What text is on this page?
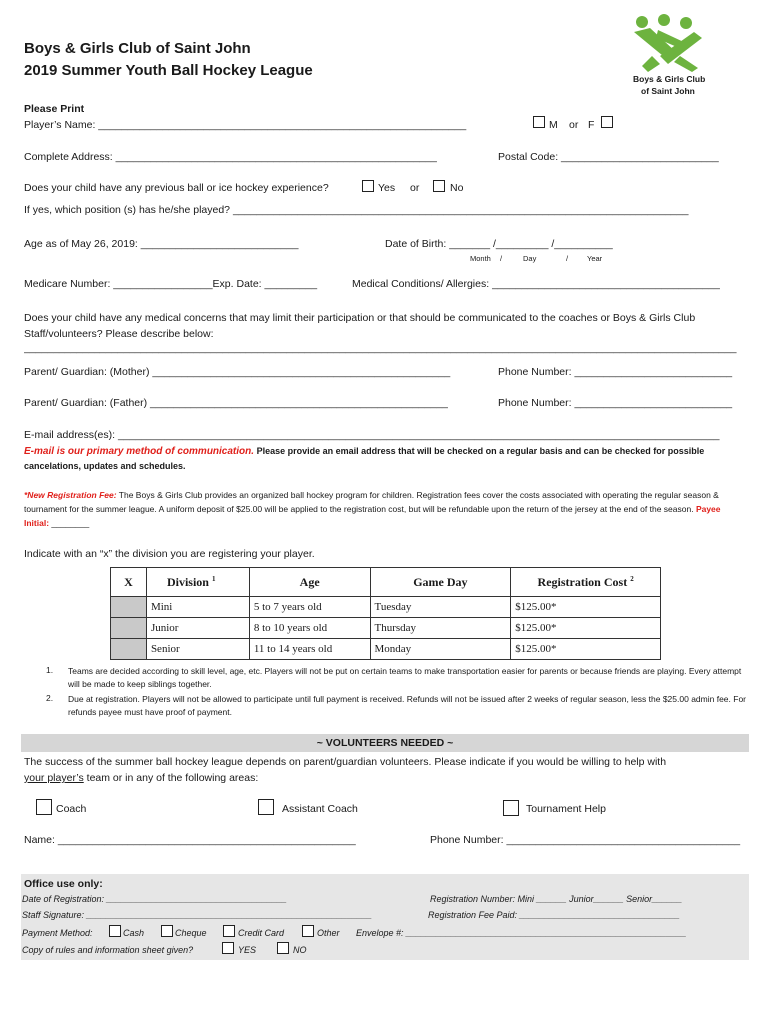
Boys & Girls Club of Saint John
2019 Summer Youth Ball Hockey League	Boys & Girls Club
of Saint John
Please Print
Player’s Name: _______________________________________________________________	M or F
Complete Address: _______________________________________________________	Postal Code: ___________________________
Does your child have any previous ball or ice hockey experience?	Yes or	No
If yes, which position (s) has he/she played? ______________________________________________________________________________
Age as of May 26, 2019: ___________________________	Date of Birth: _______ /_________ /__________
Month /	Day	/	Year
Medicare Number: _________________Exp. Date: _________	Medical Conditions/ Allergies: _______________________________________
Does your child have any medical concerns that may limit their participation or that should be communicated to the coaches or Boys & Girls Club Staff/volunteers? Please describe below:
__________________________________________________________________________________________________________________________
Parent/ Guardian: (Mother) ___________________________________________________	Phone Number: ___________________________
Parent/ Guardian: (Father) ___________________________________________________	Phone Number: ___________________________
E-mail address(es): _______________________________________________________________________________________________________
E-mail is our primary method of communication. Please provide an email address that will be checked on a regular basis and can be checked for possible cancelations, updates and schedules.
*New Registration Fee: The Boys & Girls Club provides an organized ball hockey program for children. Registration fees cover the costs associated with operating the regular season & tournament for the summer league. A uniform deposit of $25.00 will be applied to the registration cost, but will be refundable upon the return of the jersey at the end of the season. Payee Initial: ________
Indicate with an “x” the division you are registering your player.
X	Division $^1$	Age	Game Day	Registration Cost $^2$
	Mini	5 to 7 years old	Tuesday	$125.00*
	Junior	8 to 10 years old	Thursday	$125.00*
	Senior	11 to 14 years old	Monday	$125.00*
1. Teams are decided according to skill level, age, etc. Players will not be put on certain teams to make transportation easier for parents or because friends are playing. Every attempt will be made to keep siblings together.
2. Due at registration. Players will not be allowed to participate until full payment is received. Refunds will not be issued after 2 weeks of regular season, less the $25.00 admin fee. For refunds payee must have proof of payment.
~ VOLUNTEERS NEEDED ~
The success of the summer ball hockey league depends on parent/guardian volunteers. Please indicate if you would be willing to help with
your player’s team or in any of the following areas:
Coach	Assistant Coach	Tournament Help
Name: ___________________________________________________	Phone Number: ________________________________________
Office use only:
Date of Registration: ____________________________________	Registration Number: Mini ______ Junior______ Senior______
Staff Signature: _________________________________________________________	Registration Fee Paid: ________________________________
Payment Method:	Cash	Cheque	Credit Card	Other Envelope #: ________________________________________________________
Copy of rules and information sheet given?	YES	NO
